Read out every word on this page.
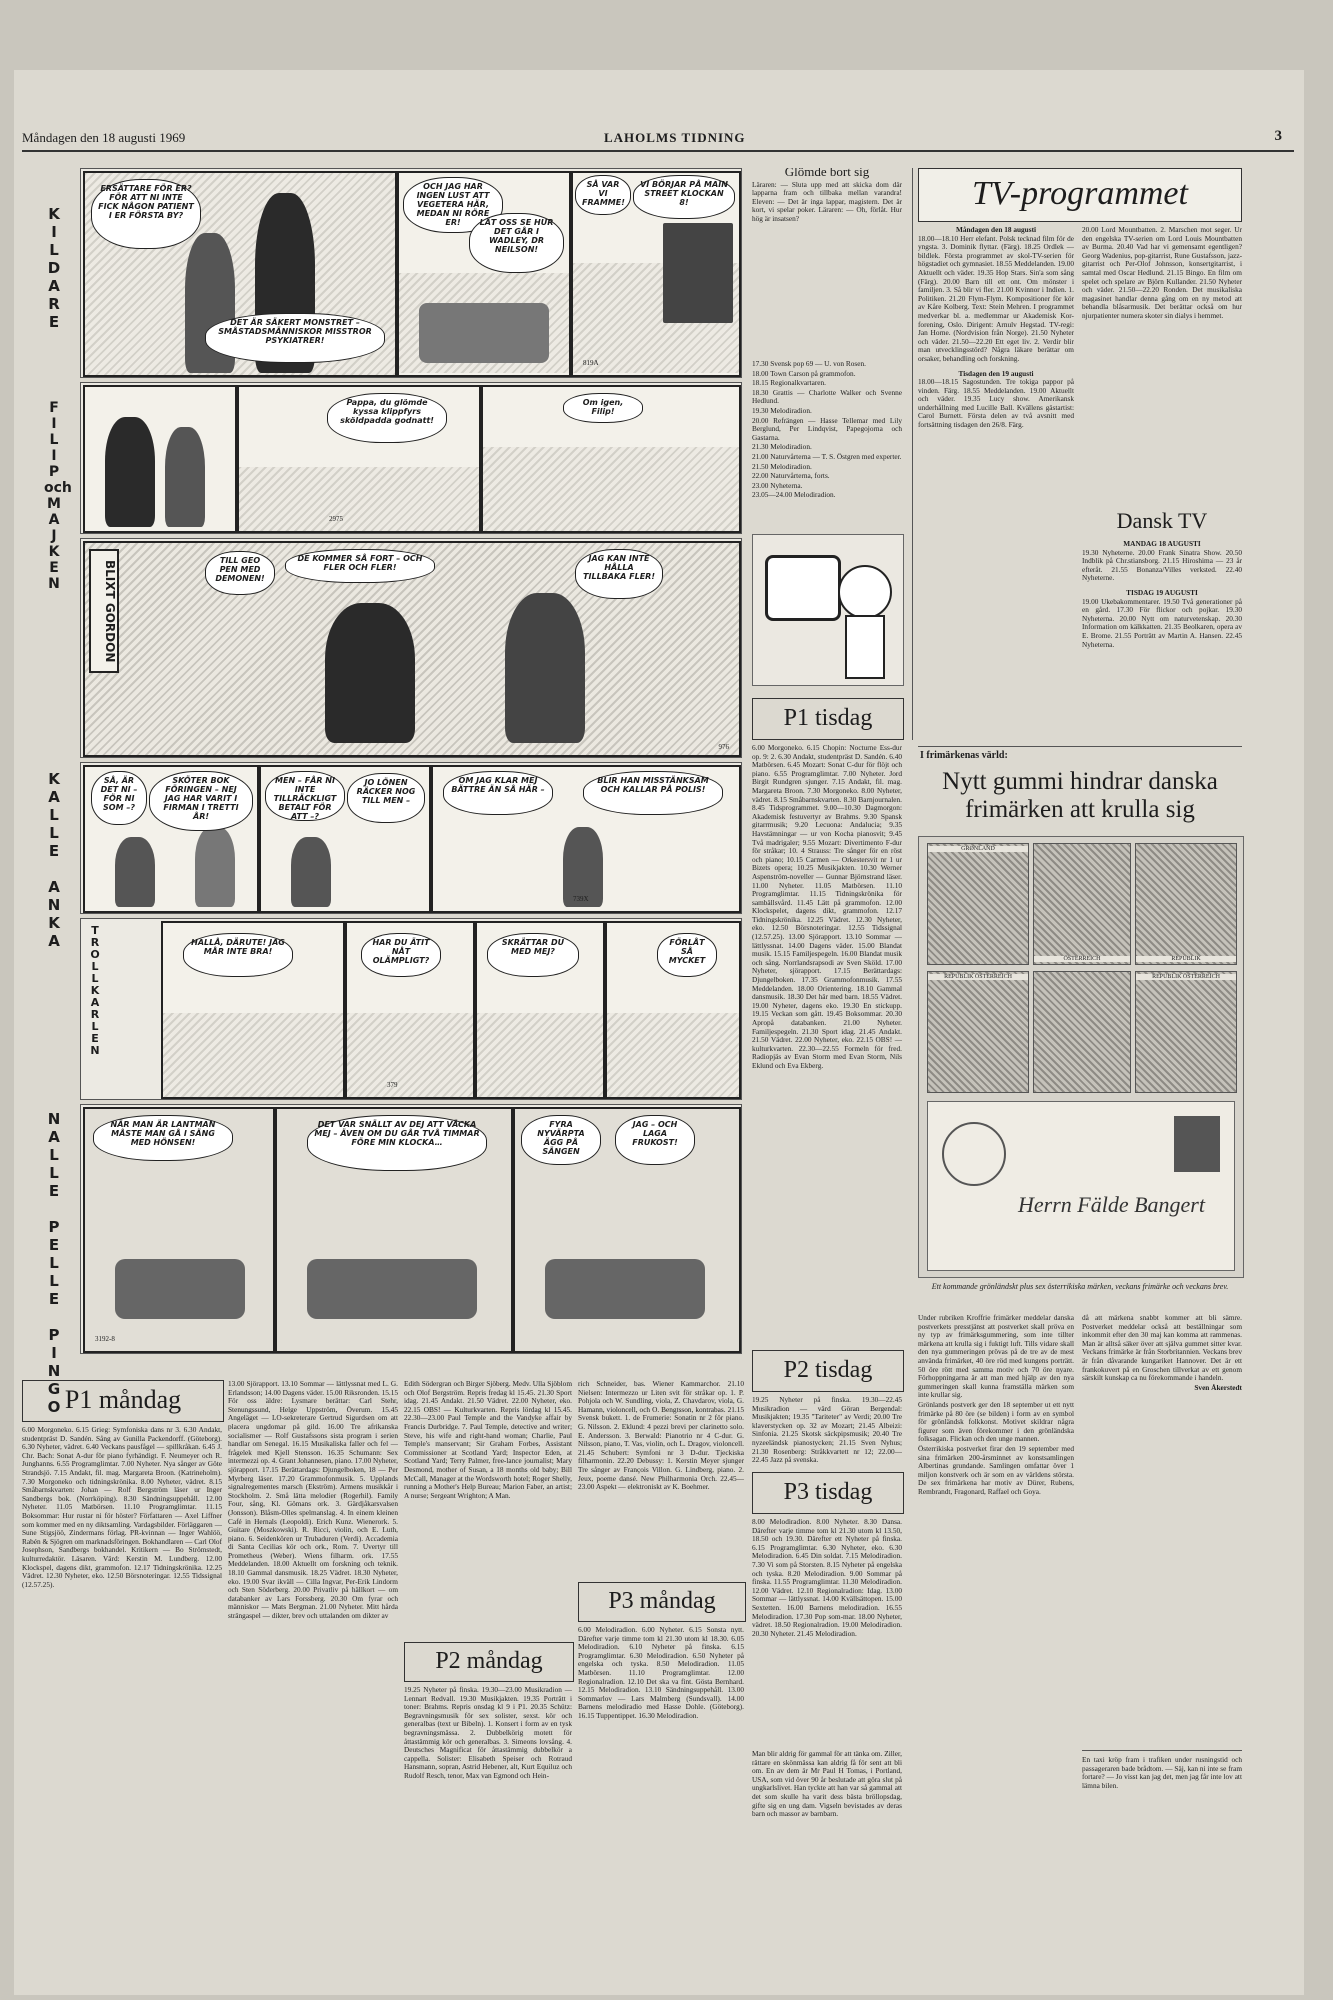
Måndagen den 18 augusti 1969	LAHOLMS TIDNING	3
K
I
L
D
A
R
E
F
I
L
I
P
och
M
A
J
K
E
N
K
A
L
L
E

A
N
K
A
N
A
L
L
E

P
E
L
L
E

P
I
N
G
O
ERSÄTTARE FÖR ER? FÖR ATT NI INTE FICK NÅGON PATIENT I ER FÖRSTA BY?
DET ÄR SÄKERT MONSTRET – SMÅSTADSMÄNNISKOR MISSTROR PSYKIATRER!
OCH JAG HAR INGEN LUST ATT VEGETERA HÄR, MEDAN NI RÖRE ER!	LÅT OSS SE HUR DET GÅR I WADLEY, DR NEILSON!
SÅ VAR VI FRAMME!
VI BÖRJAR PÅ MAIN STREET KLOCKAN 8!
819A
Pappa, du glömde kyssa klippfyrs sköldpadda godnatt!
2975
Om igen, Filip!
BLIXT GORDON	TILL GEO PEN MED DEMONEN!
DE KOMMER SÅ FORT – OCH FLER OCH FLER!
JAG KAN INTE HÅLLA TILLBAKA FLER!
976
SÅ, ÄR DET NI – FÖR NI SOM –?
SKÖTER BOK FÖRINGEN – NEJ JAG HAR VARIT I FIRMAN I TRETTI ÅR!
MEN – FÅR NI INTE TILLRÄCKLIGT BETALT FÖR ATT –?
JO LÖNEN RÄCKER NOG TILL MEN –
OM JAG KLAR MEJ BÄTTRE ÄN SÅ HÄR –
BLIR HAN MISSTÄNKSAM OCH KALLAR PÅ POLIS!
739X
T
R
O
L
L
K
A
R
L
E
N
HALLÅ, DÄRUTE! JAG MÅR INTE BRA!
HAR DU ÄTIT NÅT OLÄMPLIGT?
379
SKRÄTTAR DU MED MEJ?
FÖRLÅT SÅ MYCKET
NÄR MAN ÄR LANTMAN MÅSTE MAN GÅ I SÄNG MED HÖNSEN!
3192-8
DET VAR SNÄLLT AV DEJ ATT VÄCKA MEJ – ÄVEN OM DU GÅR TVÅ TIMMAR FÖRE MIN KLOCKA…
FYRA NYVÄRPTA ÄGG PÅ SÄNGEN
JAG – OCH LAGA FRUKOST!
Glömde bort sig

Läraren: — Sluta upp med att skicka dom där lapparna fram och tillbaka mellan varandra! Eleven: — Det är inga lappar, magistern. Det är kort, vi spelar poker. Läraren: — Oh, förlåt. Hur hög är insatsen?

17.30 Svensk pop 69 — U. von Rosen.

18.00 Town Carson på grammofon.

18.15 Regionalkvartaren.

18.30 Grattis — Charlotte Walker och Svenne Hedlund.

19.30 Melodiradion.

20.00 Refrängen — Hasse Tellemar med Lily Berglund, Per Lindqvist, Papegojorna och Gastarna.

21.30 Melodiradion.

21.00 Naturvårterna — T. S. Östgren med experter.

21.50 Melodiradion.

22.00 Naturvårterna, forts.

23.00 Nyheterna.

23.05—24.00 Melodiradion.

TV-programmet
Måndagen den 18 augusti

18.00—18.10 Herr elefant. Polsk tecknad film för de yngsta. 3. Dominik flyttar. (Färg). 18.25 Ordlek — bildlek. Första programmet av skol-TV-serien för högstadiet och gymnasiet. 18.55 Meddelanden. 19.00 Aktuellt och väder. 19.35 Hop Stars. Sin'a som sång (Färg). 20.00 Barn till ett ont. Om mönster i familjen. 3. Så blir vi fler. 21.00 Kvinnor i Indien. 1. Politiken. 21.20 Flym-Flym. Kompositioner för kör av Kåre Kolberg. Text: Stein Mehren. I programmet medverkar bl. a. medlemmar ur Akademisk Kor-forening, Oslo. Dirigent: Arnulv Hegstad. TV-regi: Jan Horne. (Nordvision från Norge). 21.50 Nyheter och väder. 21.50—22.20 Ett eget liv. 2. Verdir blir man utvecklingsstörd? Några läkare berättar om orsaker, behandling och forskning.

Tisdagen den 19 augusti

18.00—18.15 Sagostunden. Tre tokiga pappor på vinden. Färg. 18.55 Meddelanden. 19.00 Aktuellt och väder. 19.35 Lucy show. Amerikansk underhållning med Lucille Ball. Kvällens gästartist: Carol Burnett. Första delen av två avsnitt med fortsättning tisdagen den 26/8. Färg.

20.00 Lord Mountbatten. 2. Marschen mot seger. Ur den engelska TV-serien om Lord Louis Mountbatten av Burma. 20.40 Vad har vi gemensamt egentligen? Georg Wadenius, pop-gitarrist, Rune Gustafsson, jazz-gitarrist och Per-Olof Johnsson, konsertgitarrist, i samtal med Oscar Hedlund. 21.15 Bingo. En film om spelet och spelare av Björn Kullander. 21.50 Nyheter och väder. 21.50—22.20 Ronden. Det musikaliska magasinet handlar denna gång om en ny metod att behandla blåsarmusik. Det berättar också om hur njurpatienter numera skoter sin dialys i hemmet.

Dansk TV
MANDAG 18 AUGUSTI

19.30 Nyheterne. 20.00 Frank Sinatra Show. 20.50 Indblik på Chr.stiansborg. 21.15 Hiroshima — 23 år efteråt. 21.55 Bonanza/Villes verksted. 22.40 Nyheterne.

TISDAG 19 AUGUSTI

19.00 Ukebakommentarer. 19.50 Två generationer på en gård. 17.30 För flickor och pojkar. 19.30 Nyheterna. 20.00 Nytt om naturvetenskap. 20.30 Information om kälkkatten. 21.35 Beolkaren, opera av E. Brome. 21.55 Porträtt av Martin A. Hansen. 22.45 Nyheterna.

P1 tisdag

6.00 Morgoneko. 6.15 Chopin: Nocturne Ess-dur op. 9: 2. 6.30 Andakt, studentpräst D. Sandén. 6.40 Matbörsen. 6.45 Mozart: Sonat C-dur för flöjt och piano. 6.55 Programglimtar. 7.00 Nyheter. Jord Birgit Rundgren sjunger. 7.15 Andakt, fil. mag. Margareta Broon. 7.30 Morgoneko. 8.00 Nyheter, vädret. 8.15 Småbarnskvarten. 8.30 Barnjournalen. 8.45 Tidsprogrammet. 9.00—10.30 Dagmorgon: Akademisk festuvertyr av Brahms. 9.30 Spansk gitarrmusik; 9.20 Lecuona: Andalucia; 9.35 Havstämningar — ur von Kocha pianosvit; 9.45 Två madrigaler; 9.55 Mozart: Divertimento F-dur för stråkar; 10. 4 Strauss: Tre sånger för en röst och piano; 10.15 Carmen — Orkestersvit nr 1 ur Bizets opera; 10.25 Musikjakten. 10.30 Werner Aspenström-noveller — Gunnar Björnstrand läser. 11.00 Nyheter. 11.05 Matbörsen. 11.10 Programglimtar. 11.15 Tidningskrönika för sambällsvård. 11.45 Lätt på grammofon. 12.00 Klockspelet, dagens dikt, grammofon. 12.17 Tidningskrönika. 12.25 Vädret. 12.30 Nyheter, eko. 12.50 Börsnoteringar. 12.55 Tidssignal (12.57.25). 13.00 Sjörapport. 13.10 Sommar — lättlyssnat. 14.00 Dagens väder. 15.00 Blandat musik. 15.15 Familjespegeln. 16.00 Blandat musik och sång. Norrlandsrapsodi av Sven Sköld. 17.00 Nyheter, sjörapport. 17.15 Berättardags: Djungelboken. 17.35 Grammofonmusik. 17.55 Meddelanden. 18.00 Orientering. 18.10 Gammal dansmusik. 18.30 Det här med barn. 18.55 Vädret. 19.00 Nyheter, dagens eko. 19.30 En stickupp. 19.15 Veckan som gått. 19.45 Boksommar. 20.30 Apropå databanken. 21.00 Nyheter. Familjespegeln. 21.30 Sport idag. 21.45 Andakt. 21.50 Vädret. 22.00 Nyheter, eko. 22.15 OBS! — kulturkvarten. 22.30—22.55 Formeln för fred. Radiopjäs av Evan Storm med Evan Storm, Nils Eklund och Eva Ekberg.

I frimärkenas värld:
Nytt gummi hindrar danska frimärken att krulla sig
GRØNLAND
ÖSTERREICH	REPUBLIK
REPUBLIK ÖSTERREICH	REPUBLIK ÖSTERREICH
Herrn Fälde Bangert
Ett kommande grönländskt plus sex österrikiska märken, veckans frimärke och veckans brev.

Under rubriken Kroffrie frimärker meddelar danska postverkets presstjänst att postverket skall pröva en ny typ av frimärksgummering, som inte tillter märkena att krulla sig i fuktigt luft. Tills vidare skall den nya gummeringen prövas på de tre av de mest använda frimärket, 40 öre röd med kungens porträtt. 50 öre rött med samma motiv och 70 öre nyare. Förhoppningarna är att man med hjälp av den nya gummeringen skall kunna framställa märken som inte krullar sig.

Grönlands postverk ger den 18 september ut ett nytt frimärke på 80 öre (se bilden) i form av en symbol för grönländsk folkkonst. Motivet skildrar några figurer som även förekommer i den grönländska folksagan. Flickan och den unge mannen.

Österrikiska postverket firar den 19 september med sina frimärken 200-årsminnet av konstsamlingen Albertinas grundande. Samlingen omfattar över 1 miljon konstverk och är som en av världens största. De sex frimärkena har motiv av Dürer, Rubens, Rembrandt, Fragonard, Raffael och Goya.

då att märkena snabbt kommer att bli sämre. Postverket meddelar också att beställningar som inkommit efter den 30 maj kan komma att rammenas. Man är alltså säker över att själva gummet sitter kvar. Veckans frimärke är från Storbritannien. Veckans brev är från dåvarande kungariket Hannover. Det är ett frankokuvert på en Groschen tillverkat av ett genom särskilt kunskap ca nu förekommande i handeln.

Sven Åkerstedt

En taxi kröp fram i trafiken under rusningstid och passageraren bade brådtom. — Säj, kan ni inte se fram fortare? — Jo visst kan jag det, men jag får inte lov att lämna bilen.

P2 tisdag

19.25 Nyheter på finska. 19.30—22.45 Musikradion — värd Göran Bergendal: Musikjakten; 19.35 "Tariteter" av Verdi; 20.00 Tre klaverstycken op. 32 av Mozart; 21.45 Albeizi: Sinfonia. 21.25 Skotsk säckpipsmusik; 20.40 Tre nyzeeländsk pianostycken; 21.15 Sven Nyhus; 21.30 Rosenberg: Stråkkvartett nr 12; 22.00—22.45 Jazz på svenska.

P3 tisdag

8.00 Melodiradion. 8.00 Nyheter. 8.30 Dansa. Därefter varje timme tom kl 21.30 utom kl 13.50, 18.50 och 19.30. Därefter ett Nyheter på finska. 6.15 Programglimtar. 6.30 Nyheter, eko. 6.30 Melodiradion. 6.45 Din soldat. 7.15 Melodiradion. 7.30 Vi som på Storsten. 8.15 Nyheter på engelska och tyska. 8.20 Melodiradion. 9.00 Sommar på finska. 11.55 Programglimtar. 11.30 Melodiradion. 12.00 Vädret. 12.10 Regionalradion: Idag. 13.00 Sommar — lättlyssnat. 14.00 Kvällsättopen. 15.00 Sextetten. 16.00 Barnens melodiradion. 16.55 Melodiradion. 17.30 Pop som-mar. 18.00 Nyheter, vädret. 18.50 Regionalradion. 19.00 Melodiradion. 20.30 Nyheter. 21.45 Melodiradion.

Man blir aldrig för gammal för att tänka om. Ziller, rättare en skönmässa kan aldrig få för sent att bli om. En av dem är Mr Paul H Tomas, i Portland, USA, som vid över 90 år beslutade att göra slut på ungkarlslivet. Han tyckte att han var så gammal att det som skulle ha varit dess bästa bröllopsdag, gifte sig en ung dam. Vigseln bevistades av deras barn och massor av barnbarn.

P1 måndag

6.00 Morgoneko. 6.15 Grieg: Symfoniska dans nr 3. 6.30 Andakt, studentpräst D. Sandén. Sång av Gunilla Packendorff. (Göteborg). 6.30 Nyheter, vädret. 6.40 Veckans pausfågel — spillkråkan. 6.45 J. Chr. Bach: Sonat A-dur för piano fyrhändigt. F. Neumeyer och R. Junghanns. 6.55 Programglimtar. 7.00 Nyheter. Nya sånger av Göte Strandsjö. 7.15 Andakt, fil. mag. Margareta Broon. (Katrineholm). 7.30 Morgoneko och tidningskrönika. 8.00 Nyheter, vädret. 8.15 Småbarnskvarten: Johan — Rolf Bergström läser ur Inger Sandbergs bok. (Norrköping). 8.30 Sändningsuppehåll. 12.00 Nyheter. 11.05 Matbörsen. 11.10 Programglimtar. 11.15 Boksommar: Hur rustar ni för höster? Författaren — Axel Liffner som kommer med en ny diktsamling. Vardagsbilder. Förläggaren — Sune Stigsjöö, Zindermans förlag. PR-kvinnan — Inger Wahlöö, Rabén & Sjögren om marknadsföringen. Bokhandlaren — Carl Olof Josephson, Sandbergs bokhandel. Kritikern — Bo Strömstedt, kulturredaktör. Läsaren. Värd: Kerstin M. Lundberg. 12.00 Klockspel, dagens dikt, grammofon. 12.17 Tidningskrönika. 12.25 Vädret. 12.30 Nyheter, eko. 12.50 Börsnoteringar. 12.55 Tidssignal (12.57.25).

13.00 Sjörapport. 13.10 Sommar — lättlyssnat med L. G. Erlandsson; 14.00 Dagens väder. 15.00 Riksronden. 15.15 För oss äldre: Lysmare berättar: Carl Stehr, Stenungssund, Helge Uppström, Överum. 15.45 Angeläget — LO-sekreterare Gertrud Sigurdsen om att placera ungdomar på gild. 16.00 Tre afrikanska socialismer — Rolf Gustafssons sista program i serien handlar om Senegal. 16.15 Musikaliska faller och fel — frågelek med Kjell Stensson. 16.35 Schumann: Sex intermezzi op. 4. Grant Johannesen, piano. 17.00 Nyheter, sjörapport. 17.15 Berättardags: Djungelboken, 18 — Per Myrberg läser. 17.20 Grammofonmusik. 5. Upplands signalregementes marsch (Ekström). Armens musikkår i Stockholm. 2. Små lätta melodier (Rogerhil). Family Four, sång, Kl. Gömans ork. 3. Gärdjåkarsvalsen (Jonsson). Blåsm-Olles spelmanslag. 4. In einem kleinen Café in Hernals (Leopoldi). Erich Kunz. Wienerork. 5. Guitare (Moszkowski). R. Ricci, violin, och E. Luth, piano. 6. Seidenkören ur Trubaduren (Verdi). Accademia di Santa Cecilias kör och ork., Rom. 7. Uvertyr till Prometheus (Weber). Wiens filharm. ork. 17.55 Meddelanden. 18.00 Aktuellt om forskning och teknik. 18.10 Gammal dansmusik. 18.25 Vädret. 18.30 Nyheter, eko. 19.00 Svar ikväll — Cilla Ingvar, Per-Erik Lindorm och Sten Söderberg. 20.00 Privatliv på hällkort — om databanker av Lars Forssberg. 20.30 Om fyrar och människor — Mats Bergman. 21.00 Nyheter. Mitt hårda strängaspel — dikter, brev och uttalanden om dikter av

Edith Södergran och Birger Sjöberg. Medv. Ulla Sjöblom och Olof Bergström. Repris fredag kl 15.45. 21.30 Sport idag. 21.45 Andakt. 21.50 Vädret. 22.00 Nyheter, eko. 22.15 OBS! — Kulturkvarten. Repris lördag kl 15.45. 22.30—23.00 Paul Temple and the Vandyke affair by Francis Durbridge. 7. Paul Temple, detective and writer; Steve, his wife and right-hand woman; Charlie, Paul Temple's manservant; Sir Graham Forbes, Assistant Commissioner at Scotland Yard; Inspector Eden, at Scotland Yard; Terry Palmer, free-lance journalist; Mary Desmond, mother of Susan, a 18 months old baby; Bill McCall, Manager at the Wordsworth hotel; Roger Shelly, running a Mother's Help Bureau; Marion Faber, an artist; A nurse; Sergeant Wrighton; A Man.

rich Schneider, bas. Wiener Kammarchor. 21.10 Nielsen: Intermezzo ur Liten svit för stråkar op. 1. P. Pohjola och W. Sundling, viola, Z. Chavdarov, viola, G. Hamann, violoncell, och O. Bengtsson, kontrabas. 21.15 Svensk bukett. 1. de Frumerie: Sonatin nr 2 för piano. G. Nilsson. 2. Eklund: 4 pezzi brevi per clarinetto solo. E. Andersson. 3. Berwald: Pianotrio nr 4 C-dur. G. Nilsson, piano, T. Vas, violin, och L. Dragov, violoncell. 21.45 Schubert: Symfoni nr 3 D-dur. Tjeckiska filharmonin. 22.20 Debussy: 1. Kerstin Meyer sjunger Tre sånger av François Villon. G. Lindberg, piano. 2. Jeux, poeme dansé. New Philharmonia Orch. 22.45—23.00 Aspekt — elektroniskt av K. Boehmer.

P2 måndag

19.25 Nyheter på finska. 19.30—23.00 Musikradion — Lennart Redvall. 19.30 Musikjakten. 19.35 Porträtt i toner: Brahms. Repris onsdag kl 9 i P1. 20.35 Schütz: Begravningsmusik för sex solister, sexst. kör och generalbas (text ur Bibeln). 1. Konsert i form av en tysk begravningsmässa. 2. Dubbelkörig motett för åttastämmig kör och generalbas. 3. Simeons lovsång. 4. Deutsches Magnificat för åttastämmig dubbelkör a cappella. Solister: Elisabeth Speiser och Rotraud Hansmann, sopran, Astrid Hebener, alt, Kurt Equiluz och Rudolf Resch, tenor, Max van Egmond och Hein-

P3 måndag

6.00 Melodiradion. 6.00 Nyheter. 6.15 Sonsta nytt. Därefter varje timme tom kl 21.30 utom kl 18.30. 6.05 Melodiradion. 6.10 Nyheter på finska. 6.15 Programglimtar. 6.30 Melodiradion. 6.50 Nyheter på engelska och tyska. 8.50 Melodiradion. 11.05 Matbörsen. 11.10 Programglimtar. 12.00 Regionalradion. 12.10 Det ska va fint. Gösta Bernhard. 12.15 Melodiradion. 13.10 Sändningsuppehåll. 13.00 Sommarlov — Lars Malmberg (Sundsvall). 14.00 Barnens melodiradio med Hasse Dohle. (Göteborg). 16.15 Tuppentippet. 16.30 Melodiradion.
